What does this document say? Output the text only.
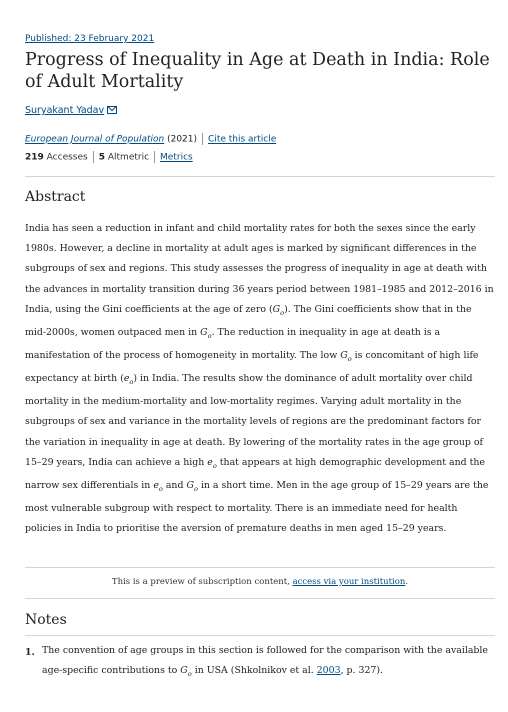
Published: 23 February 2021
Progress of Inequality in Age at Death in India: Role of Adult Mortality
Suryakant Yadav
European Journal of Population (2021) Cite this article
219 Accesses 5 Altmetric Metrics
Abstract

India has seen a reduction in infant and child mortality rates for both the sexes since the early 1980s. However, a decline in mortality at adult ages is marked by significant differences in the subgroups of sex and regions. This study assesses the progress of inequality in age at death with the advances in mortality transition during 36 years period between 1981–1985 and 2012–2016 in India, using the Gini coefficients at the age of zero $(G_o)$. The Gini coefficients show that in the mid-2000s, women outpaced men in $G_o$. The reduction in inequality in age at death is a manifestation of the process of homogeneity in mortality. The low $G_o$ is concomitant of high life expectancy at birth $(e_o)$ in India. The results show the dominance of adult mortality over child mortality in the medium-mortality and low-mortality regimes. Varying adult mortality in the subgroups of sex and variance in the mortality levels of regions are the predominant factors for the variation in inequality in age at death. By lowering of the mortality rates in the age group of 15–29 years, India can achieve a high $e_o$ that appears at high demographic development and the narrow sex differentials in $e_o$ and $G_o$ in a short time. Men in the age group of 15–29 years are the most vulnerable subgroup with respect to mortality. There is an immediate need for health policies in India to prioritise the aversion of premature deaths in men aged 15–29 years.

This is a preview of subscription content, access via your institution.
Notes
1. The convention of age groups in this section is followed for the comparison with the available age-specific contributions to $G_o$ in USA (Shkolnikov et al. 2003, p. 327).
